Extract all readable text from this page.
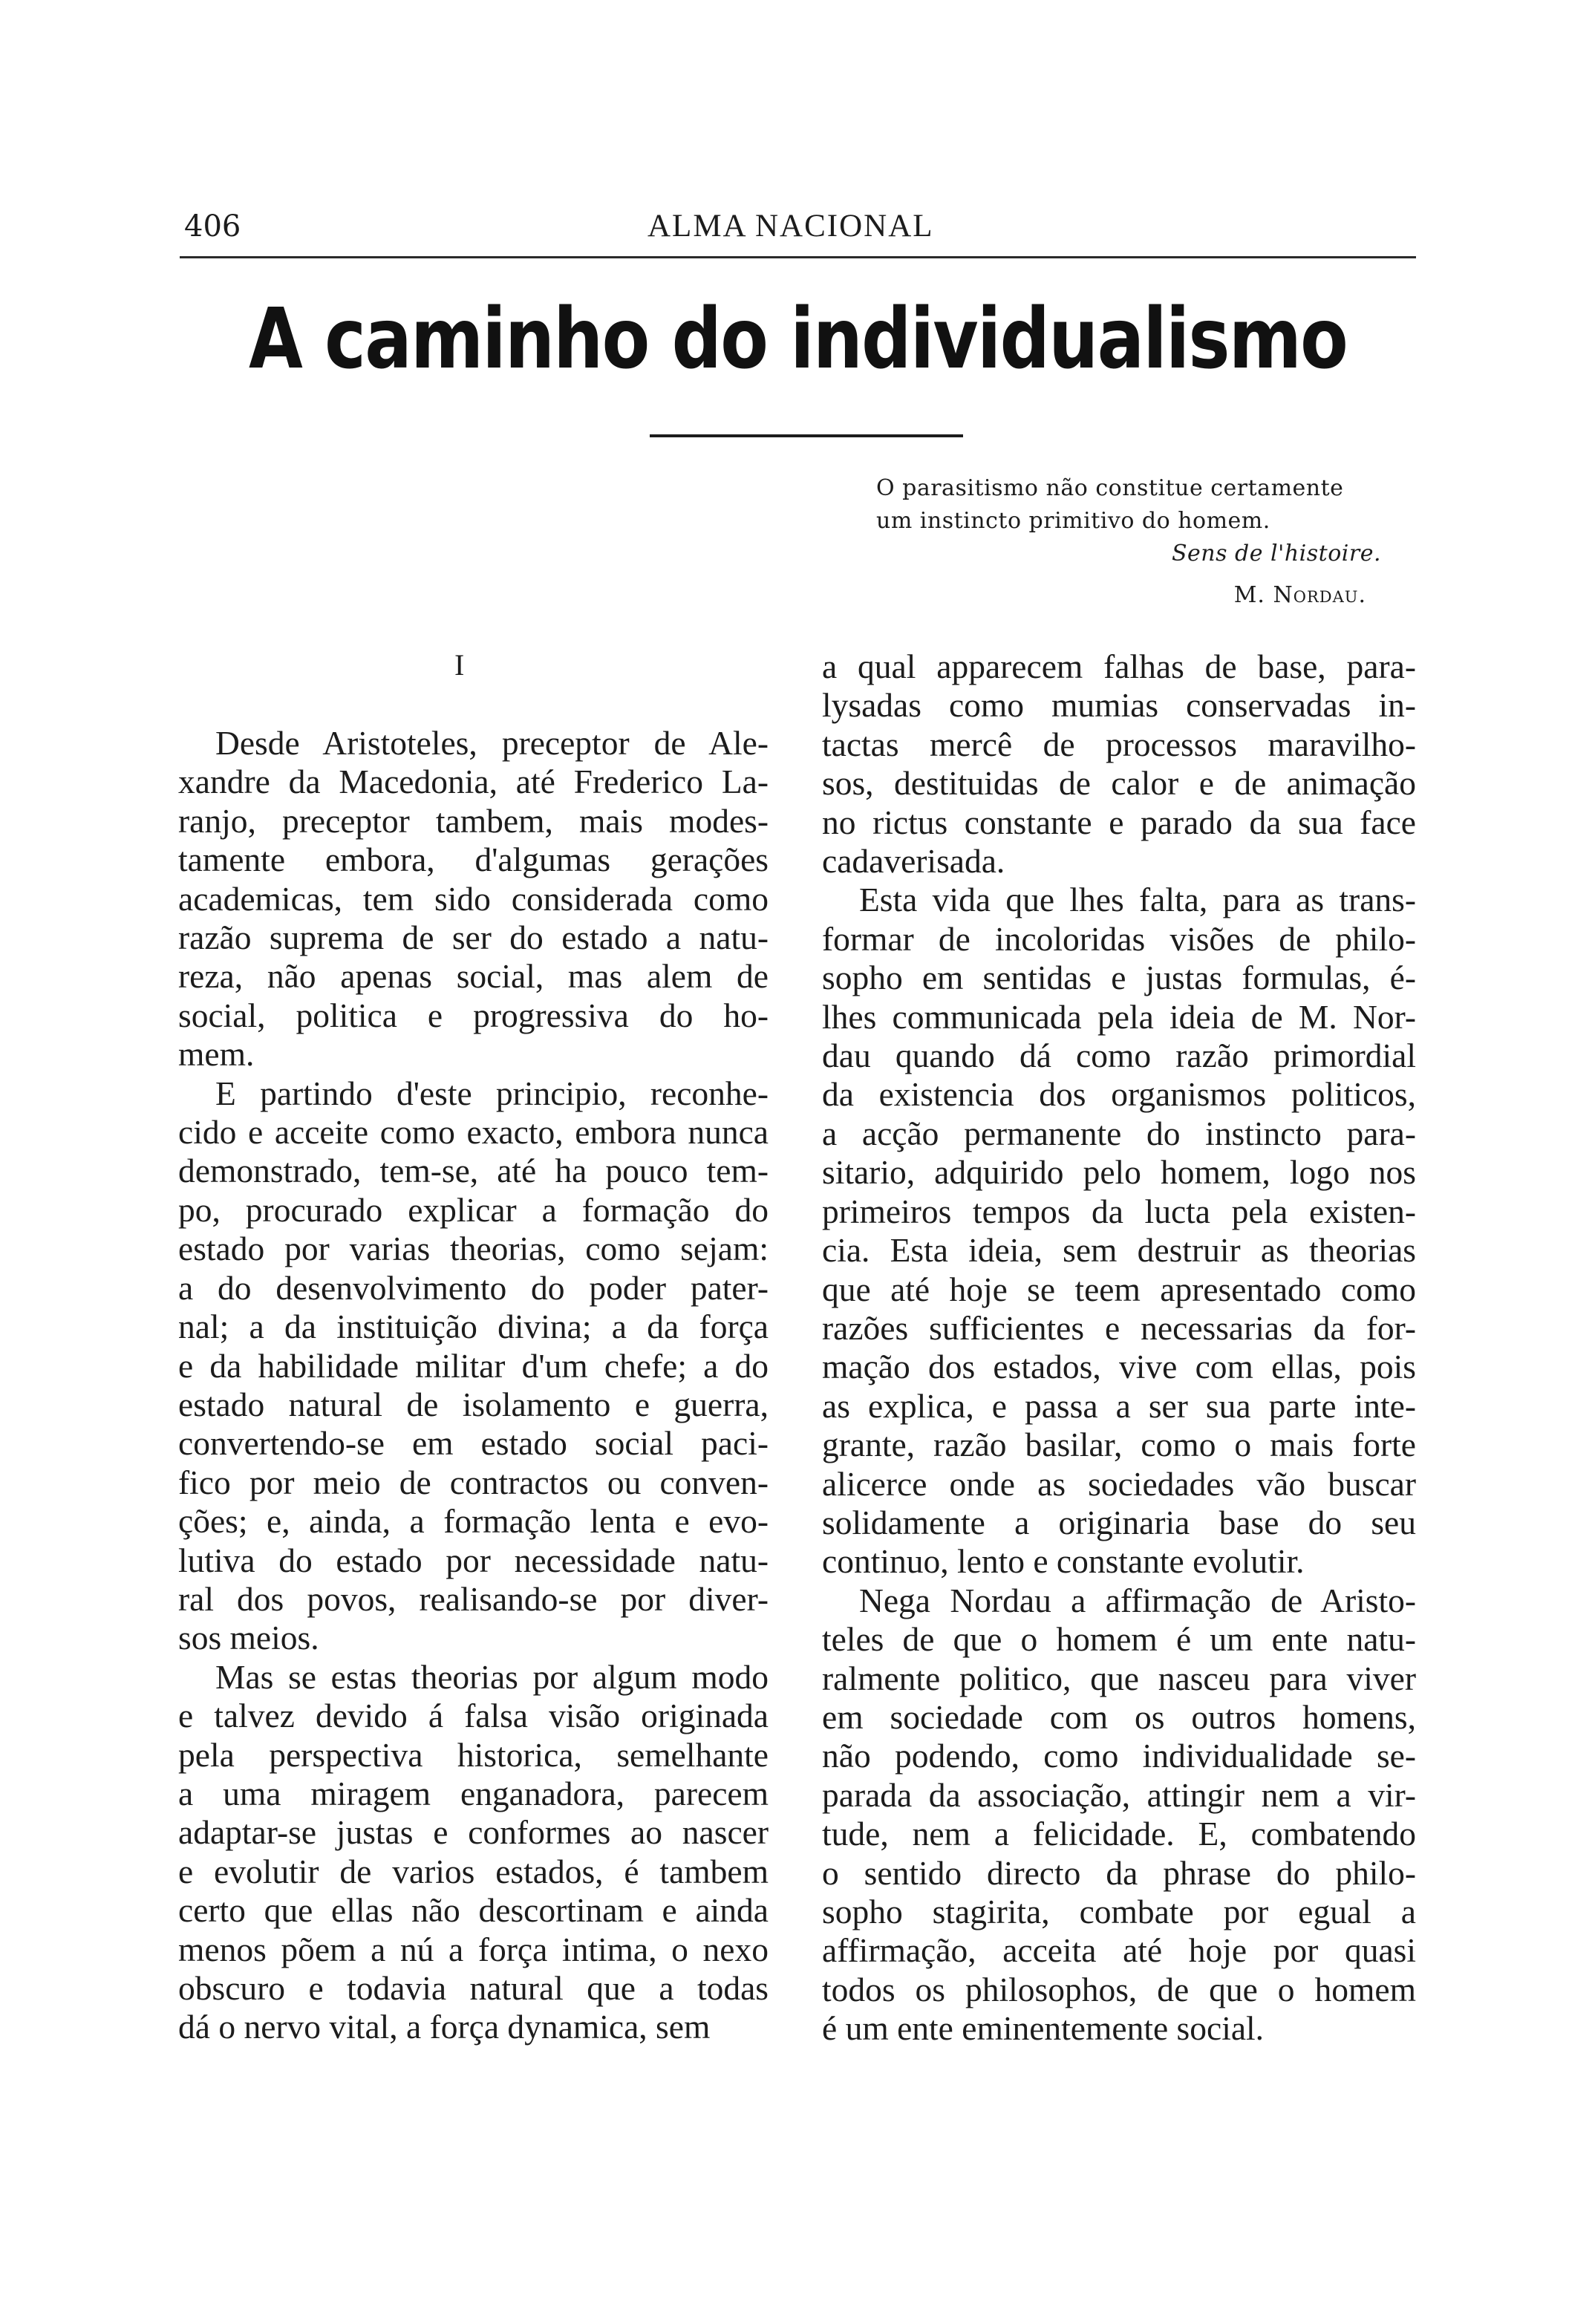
406	ALMA NACIONAL
A caminho do individualismo
O parasitismo não constitue certamente
um instincto primitivo do homem.
Sens de l'histoire.
M. Nordau.
I
Desde Aristoteles, preceptor de Ale-
xandre da Macedonia, até Frederico La-
ranjo, preceptor tambem, mais modes-
tamente embora, d'algumas gerações
academicas, tem sido considerada como
razão suprema de ser do estado a natu-
reza, não apenas social, mas alem de
social, politica e progressiva do ho-
mem.
E partindo d'este principio, reconhe-
cido e acceite como exacto, embora nunca
demonstrado, tem-se, até ha pouco tem-
po, procurado explicar a formação do
estado por varias theorias, como sejam:
a do desenvolvimento do poder pater-
nal; a da instituição divina; a da força
e da habilidade militar d'um chefe; a do
estado natural de isolamento e guerra,
convertendo-se em estado social paci-
fico por meio de contractos ou conven-
ções; e, ainda, a formação lenta e evo-
lutiva do estado por necessidade natu-
ral dos povos, realisando-se por diver-
sos meios.
Mas se estas theorias por algum modo
e talvez devido á falsa visão originada
pela perspectiva historica, semelhante
a uma miragem enganadora, parecem
adaptar-se justas e conformes ao nascer
e evolutir de varios estados, é tambem
certo que ellas não descortinam e ainda
menos põem a nú a força intima, o nexo
obscuro e todavia natural que a todas
dá o nervo vital, a força dynamica, sem
a qual apparecem falhas de base, para-
lysadas como mumias conservadas in-
tactas mercê de processos maravilho-
sos, destituidas de calor e de animação
no rictus constante e parado da sua face
cadaverisada.
Esta vida que lhes falta, para as trans-
formar de incoloridas visões de philo-
sopho em sentidas e justas formulas, é-
lhes communicada pela ideia de M. Nor-
dau quando dá como razão primordial
da existencia dos organismos politicos,
a acção permanente do instincto para-
sitario, adquirido pelo homem, logo nos
primeiros tempos da lucta pela existen-
cia. Esta ideia, sem destruir as theorias
que até hoje se teem apresentado como
razões sufficientes e necessarias da for-
mação dos estados, vive com ellas, pois
as explica, e passa a ser sua parte inte-
grante, razão basilar, como o mais forte
alicerce onde as sociedades vão buscar
solidamente a originaria base do seu
continuo, lento e constante evolutir.
Nega Nordau a affirmação de Aristo-
teles de que o homem é um ente natu-
ralmente politico, que nasceu para viver
em sociedade com os outros homens,
não podendo, como individualidade se-
parada da associação, attingir nem a vir-
tude, nem a felicidade. E, combatendo
o sentido directo da phrase do philo-
sopho stagirita, combate por egual a
affirmação, acceita até hoje por quasi
todos os philosophos, de que o homem
é um ente eminentemente social.
